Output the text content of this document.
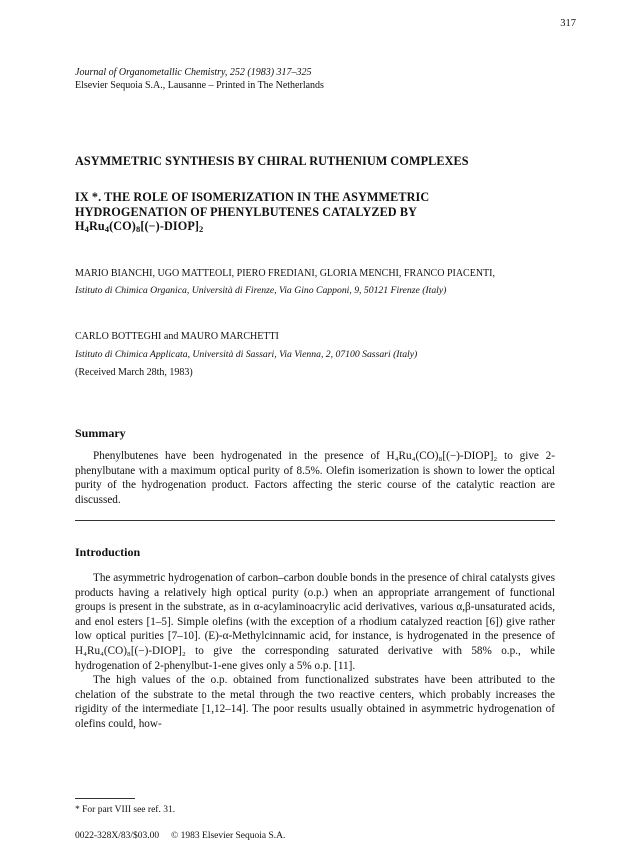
317
Journal of Organometallic Chemistry, 252 (1983) 317–325
Elsevier Sequoia S.A., Lausanne – Printed in The Netherlands
ASYMMETRIC SYNTHESIS BY CHIRAL RUTHENIUM COMPLEXES
IX *. THE ROLE OF ISOMERIZATION IN THE ASYMMETRIC
HYDROGENATION OF PHENYLBUTENES CATALYZED BY
$H_4Ru_4(CO)_8[(-)-DIOP]_2$
MARIO BIANCHI, UGO MATTEOLI, PIERO FREDIANI, GLORIA MENCHI, FRANCO PIACENTI,
Istituto di Chimica Organica, Università di Firenze, Via Gino Capponi, 9, 50121 Firenze (Italy)
CARLO BOTTEGHI and MAURO MARCHETTI
Istituto di Chimica Applicata, Università di Sassari, Via Vienna, 2, 07100 Sassari (Italy)
(Received March 28th, 1983)
Summary

Phenylbutenes have been hydrogenated in the presence of H₄Ru₄(CO)₈[(−)-DIOP]₂ to give 2-phenylbutane with a maximum optical purity of 8.5%. Olefin isomerization is shown to lower the optical purity of the hydrogenation product. Factors affecting the steric course of the catalytic reaction are discussed.

Introduction

The asymmetric hydrogenation of carbon–carbon double bonds in the presence of chiral catalysts gives products having a relatively high optical purity (o.p.) when an appropriate arrangement of functional groups is present in the substrate, as in α-acylaminoacrylic acid derivatives, various α,β-unsaturated acids, and enol esters [1–5]. Simple olefins (with the exception of a rhodium catalyzed reaction [6]) give rather low optical purities [7–10]. (E)-α-Methylcinnamic acid, for instance, is hydrogenated in the presence of H₄Ru₄(CO)₈[(−)-DIOP]₂ to give the corresponding saturated derivative with 58% o.p., while hydrogenation of 2-phenylbut-1-ene gives only a 5% o.p. [11].

The high values of the o.p. obtained from functionalized substrates have been attributed to the chelation of the substrate to the metal through the two reactive centers, which probably increases the rigidity of the intermediate [1,12–14]. The poor results usually obtained in asymmetric hydrogenation of olefins could, how-

* For part VIII see ref. 31.
0022-328X/83/$03.00     © 1983 Elsevier Sequoia S.A.
